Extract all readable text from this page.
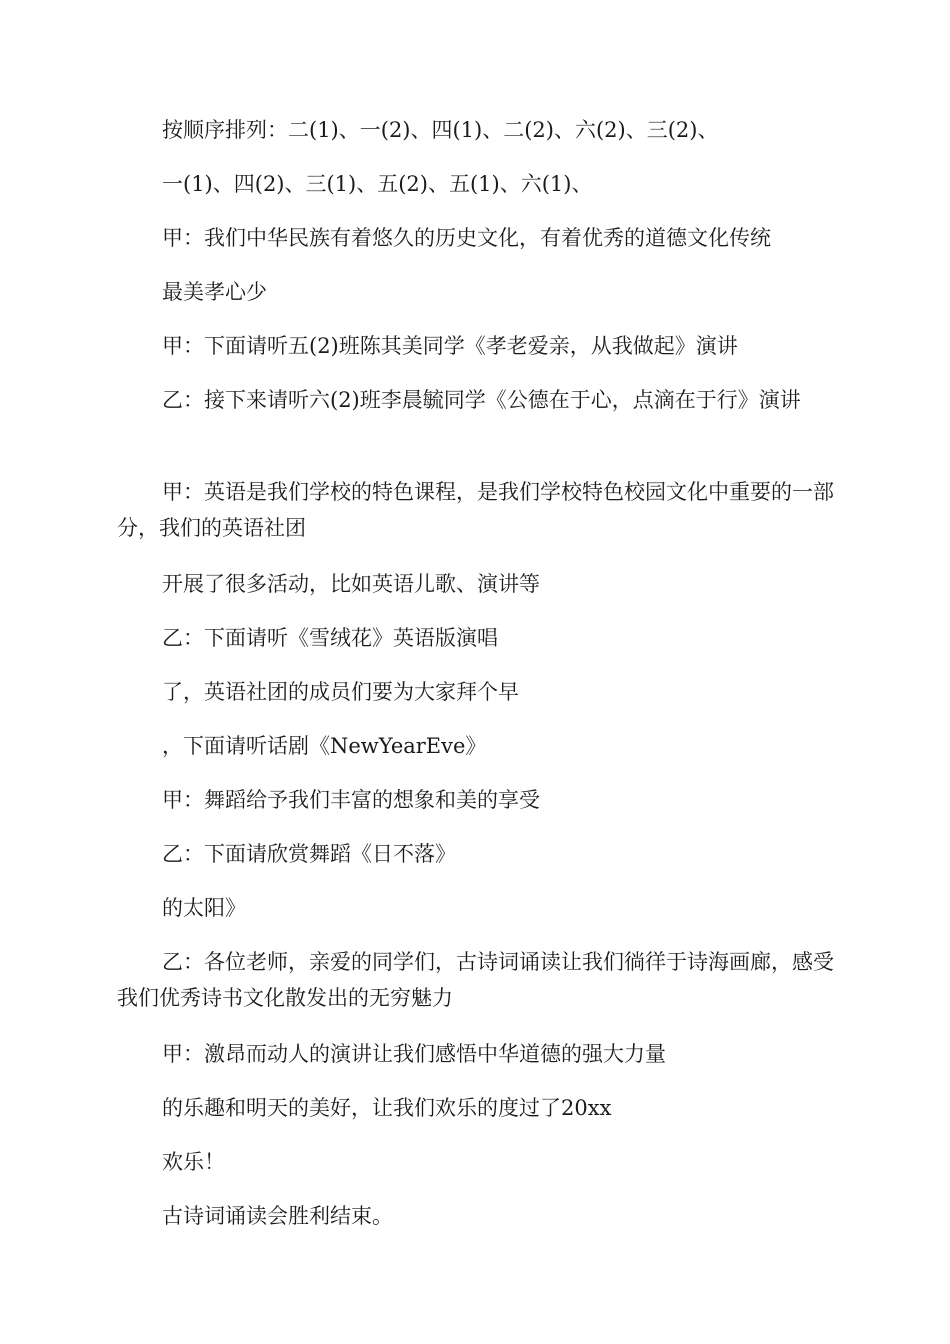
按顺序排列：二(1)、一(2)、四(1)、二(2)、六(2)、三(2)、

一(1)、四(2)、三(1)、五(2)、五(1)、六(1)、

甲：我们中华民族有着悠久的历史文化，有着优秀的道德文化传统

最美孝心少

甲：下面请听五(2)班陈其美同学《孝老爱亲，从我做起》演讲

乙：接下来请听六(2)班李晨毓同学《公德在于心，点滴在于行》演讲

甲：英语是我们学校的特色课程，是我们学校特色校园文化中重要的一部分，我们的英语社团

开展了很多活动，比如英语儿歌、演讲等

乙：下面请听《雪绒花》英语版演唱

了，英语社团的成员们要为大家拜个早

，下面请听话剧《NewYearEve》

甲：舞蹈给予我们丰富的想象和美的享受

乙：下面请欣赏舞蹈《日不落》

的太阳》

乙：各位老师，亲爱的同学们，古诗词诵读让我们徜徉于诗海画廊，感受我们优秀诗书文化散发出的无穷魅力

甲：激昂而动人的演讲让我们感悟中华道德的强大力量

的乐趣和明天的美好，让我们欢乐的度过了20xx

欢乐！

古诗词诵读会胜利结束。
